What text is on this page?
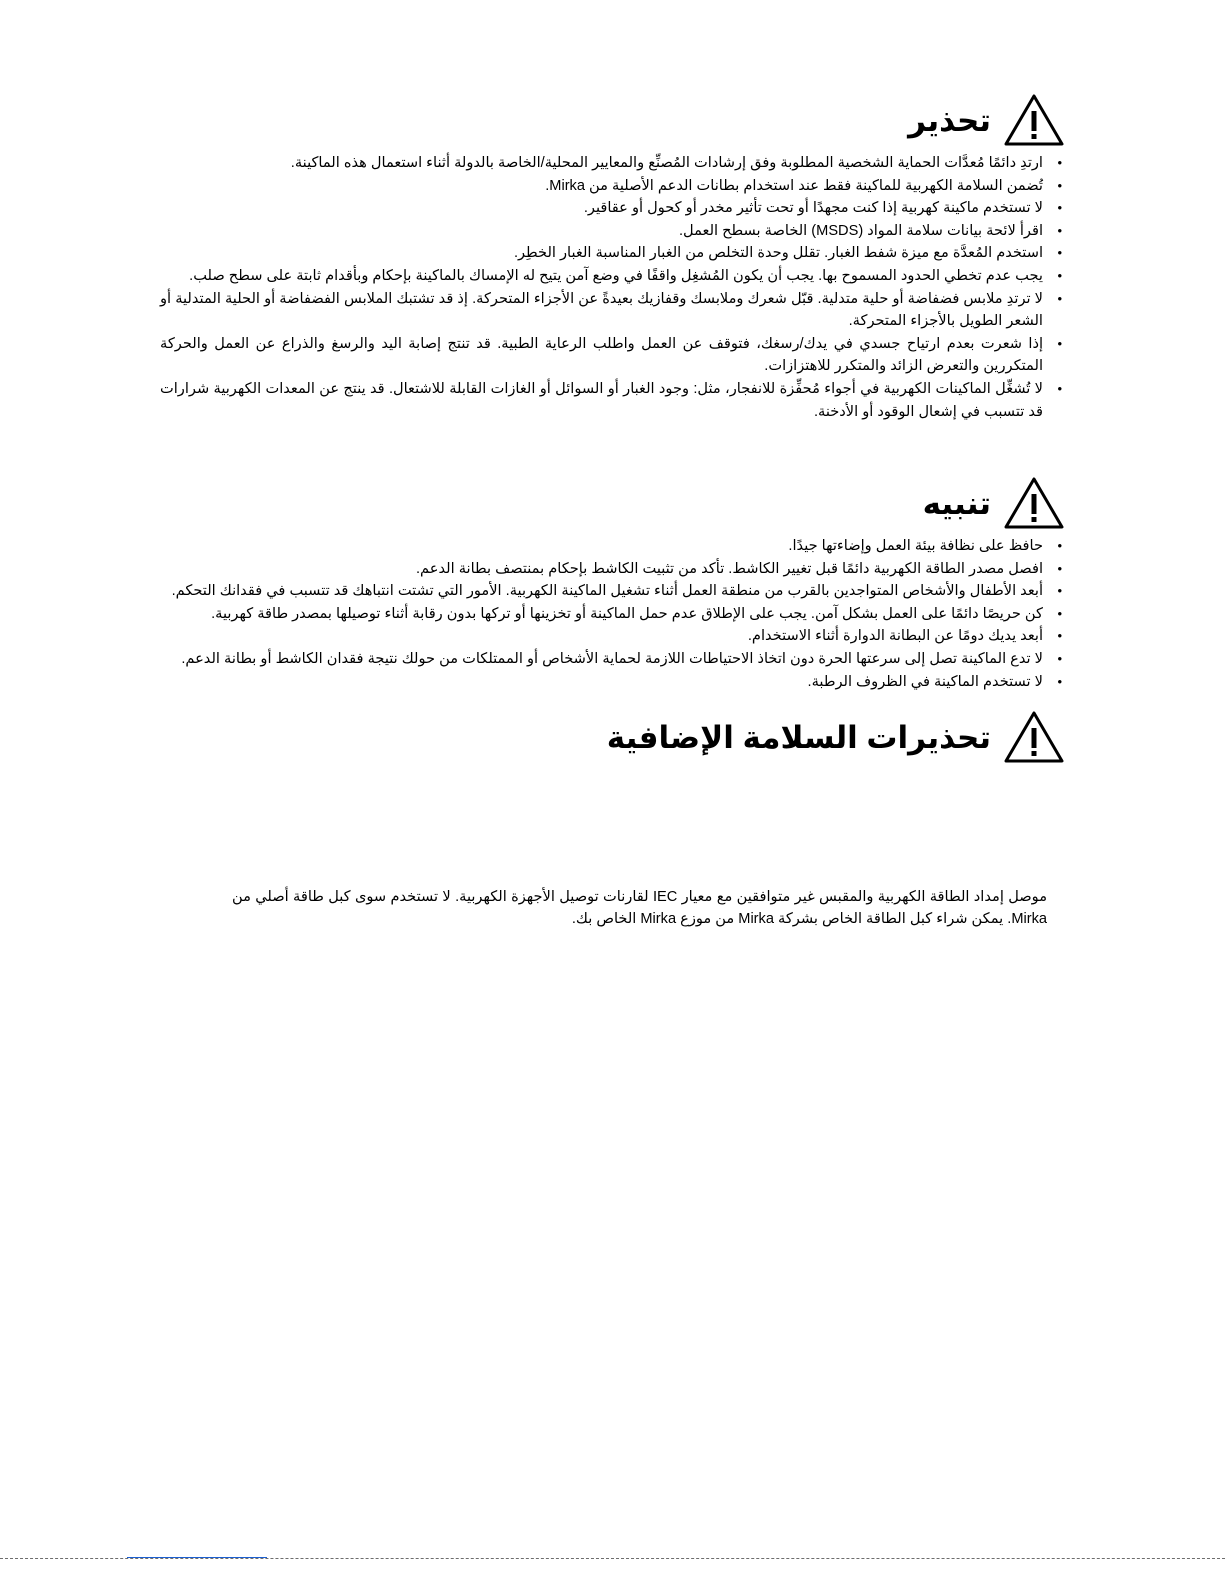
تحذير
• ارتدِ دائمًا مُعدَّات الحماية الشخصية المطلوبة وفق إرشادات المُصنِّع والمعايير المحلية/الخاصة بالدولة أثناء استعمال هذه الماكينة.
• تُضمن السلامة الكهربية للماكينة فقط عند استخدام بطانات الدعم الأصلية من Mirka.
• لا تستخدم ماكينة كهربية إذا كنت مجهدًا أو تحت تأثير مخدر أو كحول أو عقاقير.
• اقرأ لائحة بيانات سلامة المواد (MSDS) الخاصة بسطح العمل.
• استخدم المُعدَّة مع ميزة شفط الغبار. تقلل وحدة التخلص من الغبار المناسبة الغبار الخطِر.
• يجب عدم تخطي الحدود المسموح بها. يجب أن يكون المُشغِل واقفًا في وضع آمن يتيح له الإمساك بالماكينة بإحكام وبأقدام ثابتة على سطح صلب.
• لا ترتدِ ملابس فضفاضة أو حلية متدلية. قبّل شعرك وملابسك وقفازيك بعيدةً عن الأجزاء المتحركة. إذ قد تشتبك الملابس الفضفاضة أو الحلية المتدلية أو الشعر الطويل بالأجزاء المتحركة.
• إذا شعرت بعدم ارتياح جسدي في يدك/رسغك، فتوقف عن العمل واطلب الرعاية الطبية. قد تنتج إصابة اليد والرسغ والذراع عن العمل والحركة المتكررين والتعرض الزائد والمتكرر للاهتزازات.
• لا تُشغِّل الماكينات الكهربية في أجواء مُحفِّزة للانفجار، مثل: وجود الغبار أو السوائل أو الغازات القابلة للاشتعال. قد ينتج عن المعدات الكهربية شرارات قد تتسبب في إشعال الوقود أو الأدخنة.
تنبيه
• حافظ على نظافة بيئة العمل وإضاءتها جيدًا.
• افصل مصدر الطاقة الكهربية دائمًا قبل تغيير الكاشط. تأكد من تثبيت الكاشط بإحكام بمنتصف بطانة الدعم.
• أبعد الأطفال والأشخاص المتواجدين بالقرب من منطقة العمل أثناء تشغيل الماكينة الكهربية. الأمور التي تشتت انتباهك قد تتسبب في فقدانك التحكم.
• كن حريصًا دائمًا على العمل بشكل آمن. يجب على الإطلاق عدم حمل الماكينة أو تخزينها أو تركها بدون رقابة أثناء توصيلها بمصدر طاقة كهربية.
• أبعد يديك دومًا عن البطانة الدوارة أثناء الاستخدام.
• لا تدع الماكينة تصل إلى سرعتها الحرة دون اتخاذ الاحتياطات اللازمة لحماية الأشخاص أو الممتلكات من حولك نتيجة فقدان الكاشط أو بطانة الدعم.
• لا تستخدم الماكينة في الظروف الرطبة.
تحذيرات السلامة الإضافية

موصل إمداد الطاقة الكهربية والمقبس غير متوافقين مع معيار IEC لقارنات توصيل الأجهزة الكهربية. لا تستخدم سوى كبل طاقة أصلي من Mirka. يمكن شراء كبل الطاقة الخاص بشركة Mirka من موزع Mirka الخاص بك.
